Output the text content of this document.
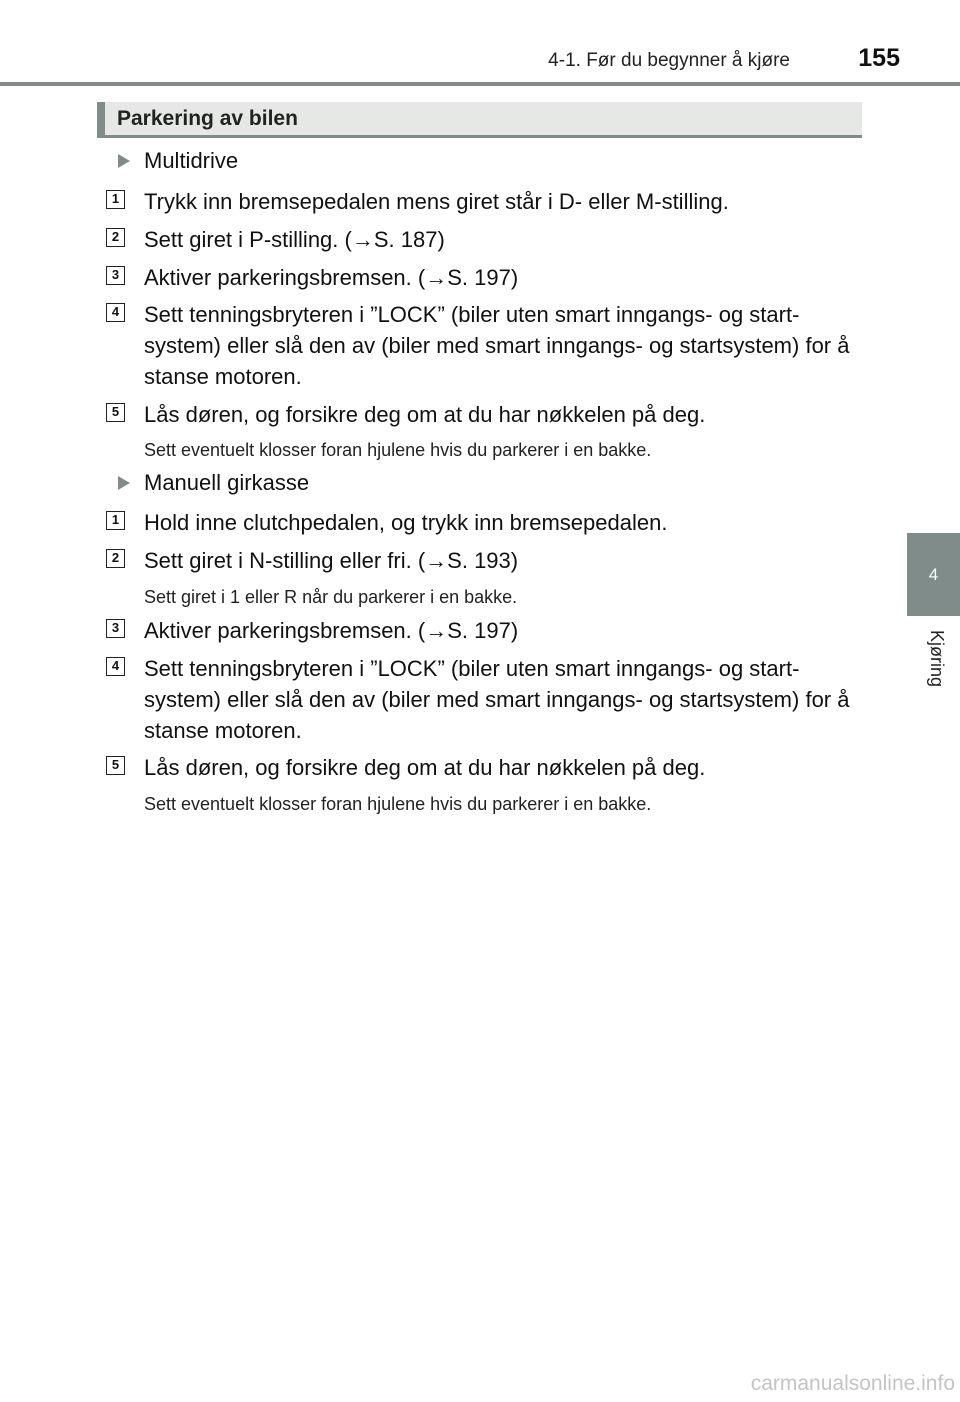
4-1. Før du begynner å kjøre	155
4
Kjøring
Parkering av bilen
Multidrive
1 Trykk inn bremsepedalen mens giret står i D- eller M-stilling.
2 Sett giret i P-stilling. (→S. 187)
3 Aktiver parkeringsbremsen. (→S. 197)
4 Sett tenningsbryteren i ”LOCK” (biler uten smart inngangs- og start-system) eller slå den av (biler med smart inngangs- og startsystem) for å stanse motoren.
5 Lås døren, og forsikre deg om at du har nøkkelen på deg.
Sett eventuelt klosser foran hjulene hvis du parkerer i en bakke.
Manuell girkasse
1 Hold inne clutchpedalen, og trykk inn bremsepedalen.
2 Sett giret i N-stilling eller fri. (→S. 193)
Sett giret i 1 eller R når du parkerer i en bakke.
3 Aktiver parkeringsbremsen. (→S. 197)
4 Sett tenningsbryteren i ”LOCK” (biler uten smart inngangs- og start-system) eller slå den av (biler med smart inngangs- og startsystem) for å stanse motoren.
5 Lås døren, og forsikre deg om at du har nøkkelen på deg.
Sett eventuelt klosser foran hjulene hvis du parkerer i en bakke.
carmanualsonline.info
